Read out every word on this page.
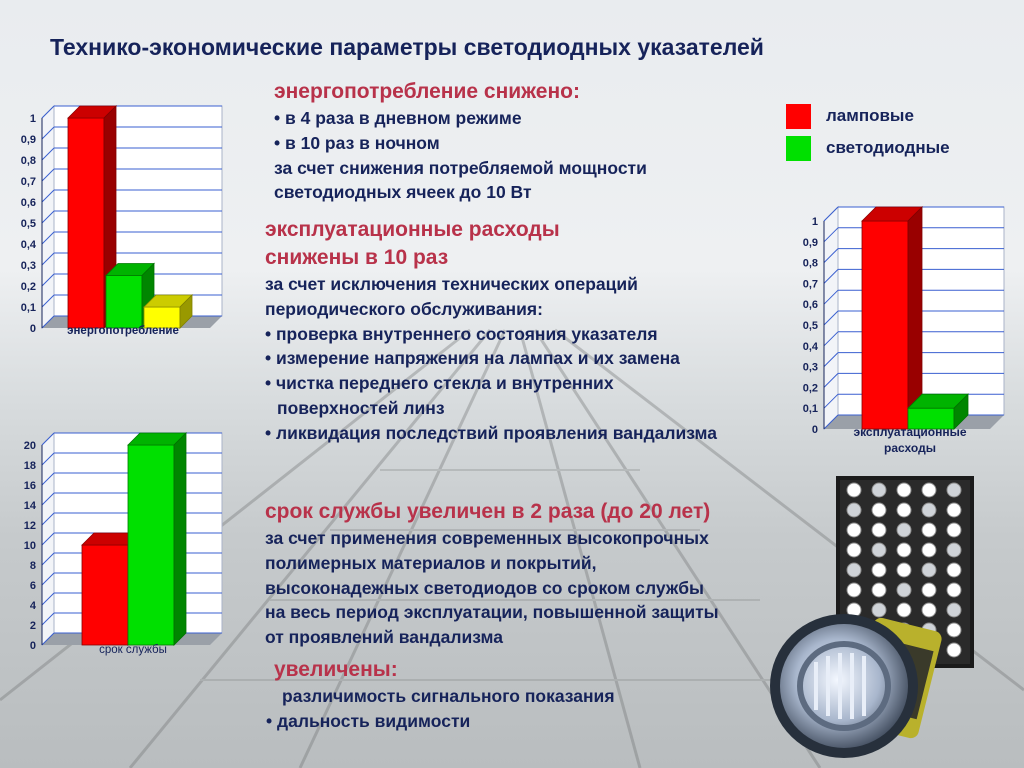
Технико-экономические параметры светодиодных указателей
0
0,1
0,2
0,3
0,4
0,5
0,6
0,7
0,8
0,9
1
энергопотребление
0
0,1
0,2
0,3
0,4
0,5
0,6
0,7
0,8
0,9
1
эксплуатационные
расходы
0
2
4
6
8
10
12
14
16
18
20
срок службы
ламповые
светодиодные
энергопотребление снижено:
• в 4 раза в дневном режиме
• в 10 раз в ночном
за счет снижения потребляемой мощности
светодиодных ячеек до 10 Вт
эксплуатационные расходы
снижены в 10 раз
за счет исключения технических операций
периодического обслуживания:
• проверка внутреннего состояния указателя
• измерение напряжения на лампах и их замена
• чистка переднего стекла и внутренних
поверхностей линз
• ликвидация последствий проявления вандализма
срок службы увеличен в 2 раза (до 20 лет)
за счет применения современных высокопрочных
полимерных материалов и покрытий,
высоконадежных светодиодов со сроком службы
на весь период эксплуатации, повышенной защиты
от проявлений вандализма
увеличены:
различимость сигнального показания
• дальность видимости
